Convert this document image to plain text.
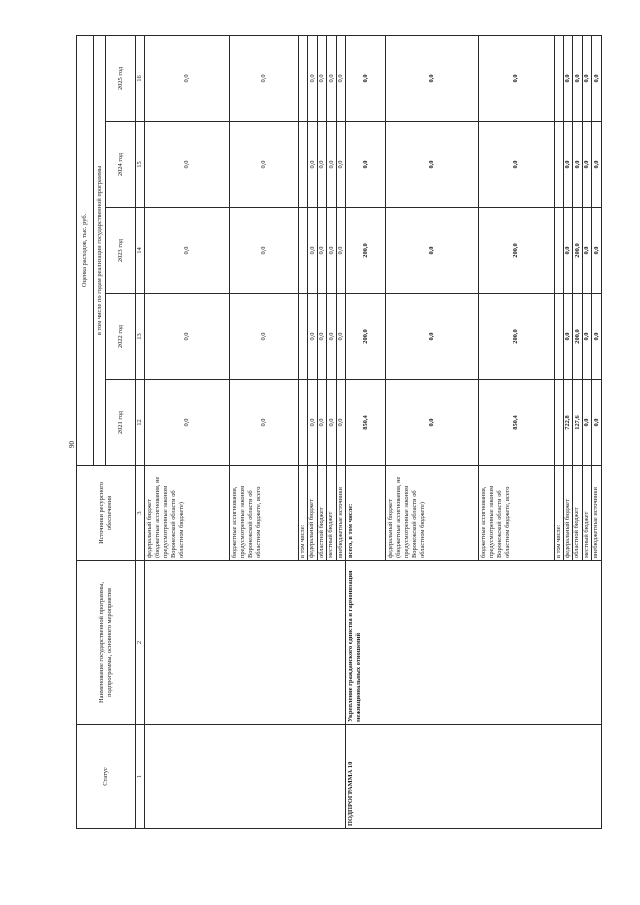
90
Статус	Наименование государственной программы, подпрограммы, основного мероприятия	Источники ресурсного обеспечения	Оценка расходов, тыс. руб.				
			в том числе по годам реализации государственной программы				
			2021 год	2022 год	2023 год	2024 год	2025 год
1	2	3	12	13	14	15	16
		федеральный бюджет (бюджетные ассигнования, не предусмотренные законом Воронежской области об областном бюджете)	0,0	0,0	0,0	0,0	0,0
		бюджетные ассигнования, предусмотренные законом Воронежской области об областном бюджете, всего	0,0	0,0	0,0	0,0	0,0
		в том числе:					
		федеральный бюджет	0,0	0,0	0,0	0,0	0,0
		областной бюджет	0,0	0,0	0,0	0,0	0,0
		местный бюджет	0,0	0,0	0,0	0,0	0,0
		внебюджетные источники	0,0	0,0	0,0	0,0	0,0
ПОДПРОГРАММА 10	Укрепление гражданского единства и гармонизация межнациональных отношений	всего, в том числе:	850,4	200,0	200,0	0,0	0,0
		федеральный бюджет (бюджетные ассигнования, не предусмотренные законом Воронежской области об областном бюджете)	0,0	0,0	0,0	0,0	0,0
		бюджетные ассигнования, предусмотренные законом Воронежской области об областном бюджете, всего	850,4	200,0	200,0	0,0	0,0
		в том числе:					
		федеральный бюджет	722,8	0,0	0,0	0,0	0,0
		областной бюджет	127,6	200,0	200,0	0,0	0,0
		местный бюджет	0,0	0,0	0,0	0,0	0,0
		внебюджетные источники	0,0	0,0	0,0	0,0	0,0
